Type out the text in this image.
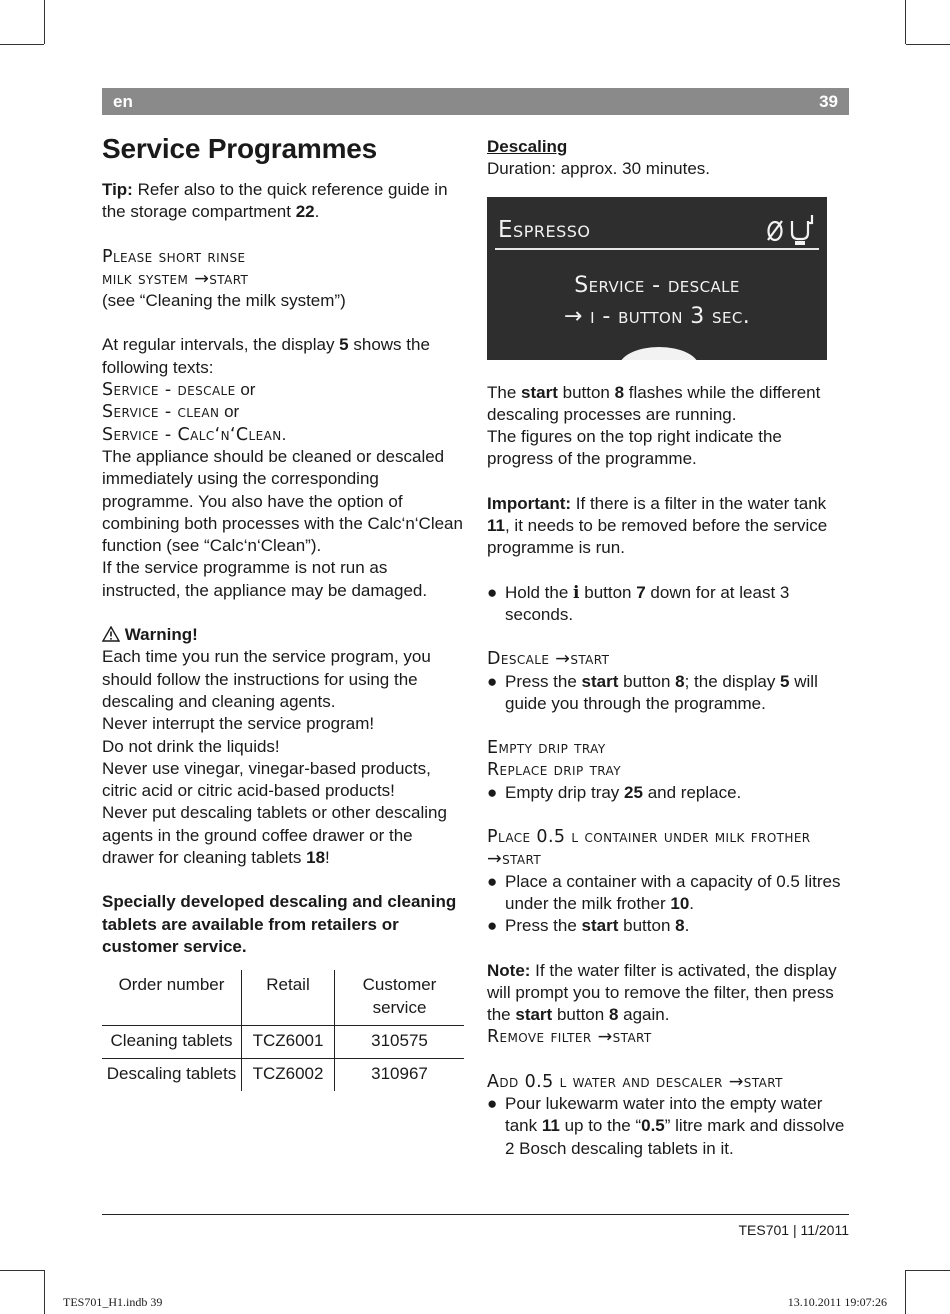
en	39
Service Programmes

Tip: Refer also to the quick reference guide in the storage compartment 22.

Please short rinse

milk system →start

(see “Cleaning the milk system”)

At regular intervals, the display 5 shows the following texts:

Service - descale or

Service - clean or

Service - Calc‘n‘Clean.

The appliance should be cleaned or descaled immediately using the corresponding programme. You also have the option of combining both processes with the Calc‘n‘Clean function (see “Calc‘n‘Clean”).

If the service programme is not run as instructed, the appliance may be damaged.

Warning!

Each time you run the service program, you should follow the instructions for using the descaling and cleaning agents.

Never interrupt the service program!

Do not drink the liquids!

Never use vinegar, vinegar-based products, citric acid or citric acid-based products!

Never put descaling tablets or other descaling agents in the ground coffee drawer or the drawer for cleaning tablets 18!

Specially developed descaling and cleaning tablets are available from retailers or customer service.

Order number	Retail	Customer service
Cleaning tablets	TCZ6001	310575
Descaling tablets	TCZ6002	310967

Descaling

Duration: approx. 30 minutes.

Espresso
Service - descale
→ i - button 3 sec.

The start button 8 flashes while the different descaling processes are running.

The figures on the top right indicate the progress of the programme.

Important: If there is a filter in the water tank 11, it needs to be removed before the service programme is run.

● Hold the i button 7 down for at least 3 seconds.

Descale →start

● Press the start button 8; the display 5 will guide you through the programme.

Empty drip tray

Replace drip tray

● Empty drip tray 25 and replace.

Place 0.5 l container under milk frother →start

● Place a container with a capacity of 0.5 litres under the milk frother 10.
● Press the start button 8.

Note: If the water filter is activated, the display will prompt you to remove the filter, then press the start button 8 again.

Remove filter →start

Add 0.5 l water and descaler →start

● Pour lukewarm water into the empty water tank 11 up to the “0.5” litre mark and dissolve 2 Bosch descaling tablets in it.
TES701 | 11/2011
TES701_H1.indb 39	13.10.2011 19:07:26
